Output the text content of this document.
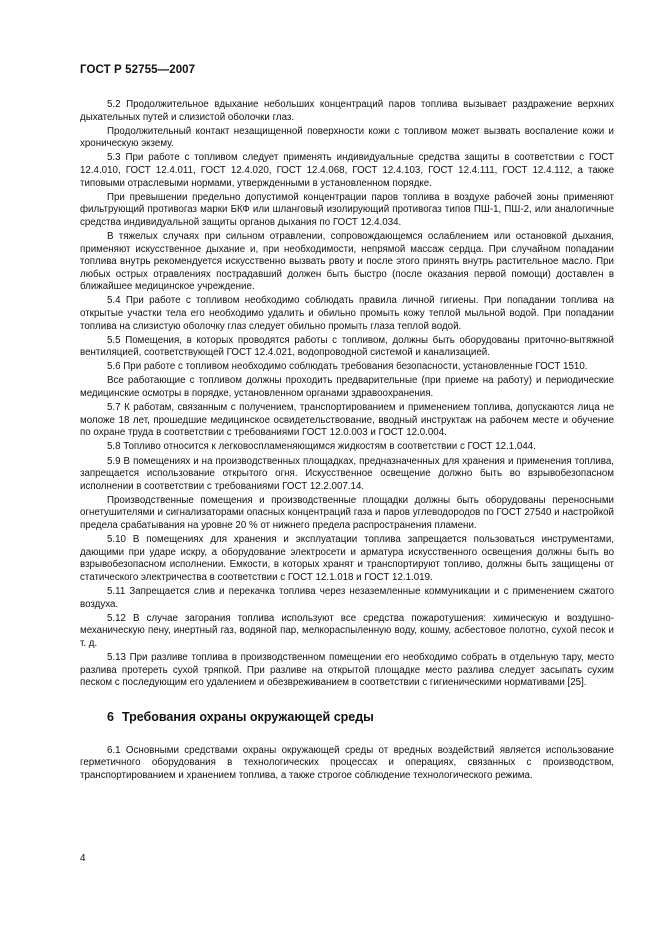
ГОСТ Р 52755—2007

5.2 Продолжительное вдыхание небольших концентраций паров топлива вызывает раздражение верхних дыхательных путей и слизистой оболочки глаз.

Продолжительный контакт незащищенной поверхности кожи с топливом может вызвать воспаление кожи и хроническую экзему.

5.3 При работе с топливом следует применять индивидуальные средства защиты в соответствии с ГОСТ 12.4.010, ГОСТ 12.4.011, ГОСТ 12.4.020, ГОСТ 12.4.068, ГОСТ 12.4.103, ГОСТ 12.4.111, ГОСТ 12.4.112, а также типовыми отраслевыми нормами, утвержденными в установленном порядке.

При превышении предельно допустимой концентрации паров топлива в воздухе рабочей зоны применяют фильтрующий противогаз марки БКФ или шланговый изолирующий противогаз типов ПШ-1, ПШ-2, или аналогичные средства индивидуальной защиты органов дыхания по ГОСТ 12.4.034.

В тяжелых случаях при сильном отравлении, сопровождающемся ослаблением или остановкой дыхания, применяют искусственное дыхание и, при необходимости, непрямой массаж сердца. При случайном попадании топлива внутрь рекомендуется искусственно вызвать рвоту и после этого принять внутрь растительное масло. При любых острых отравлениях пострадавший должен быть быстро (после оказания первой помощи) доставлен в ближайшее медицинское учреждение.

5.4 При работе с топливом необходимо соблюдать правила личной гигиены. При попадании топлива на открытые участки тела его необходимо удалить и обильно промыть кожу теплой мыльной водой. При попадании топлива на слизистую оболочку глаз следует обильно промыть глаза теплой водой.

5.5 Помещения, в которых проводятся работы с топливом, должны быть оборудованы приточно-вытяжной вентиляцией, соответствующей ГОСТ 12.4.021, водопроводной системой и канализацией.

5.6 При работе с топливом необходимо соблюдать требования безопасности, установленные ГОСТ 1510.

Все работающие с топливом должны проходить предварительные (при приеме на работу) и периодические медицинские осмотры в порядке, установленном органами здравоохранения.

5.7 К работам, связанным с получением, транспортированием и применением топлива, допускаются лица не моложе 18 лет, прошедшие медицинское освидетельствование, вводный инструктаж на рабочем месте и обучение по охране труда в соответствии с требованиями ГОСТ 12.0.003 и ГОСТ 12.0.004.

5.8 Топливо относится к легковоспламеняющимся жидкостям в соответствии с ГОСТ 12.1.044.

5.9 В помещениях и на производственных площадках, предназначенных для хранения и применения топлива, запрещается использование открытого огня. Искусственное освещение должно быть во взрывобезопасном исполнении в соответствии с требованиями ГОСТ 12.2.007.14.

Производственные помещения и производственные площадки должны быть оборудованы переносными огнетушителями и сигнализаторами опасных концентраций газа и паров углеводородов по ГОСТ 27540 и настройкой предела срабатывания на уровне 20 % от нижнего предела распространения пламени.

5.10 В помещениях для хранения и эксплуатации топлива запрещается пользоваться инструментами, дающими при ударе искру, а оборудование электросети и арматура искусственного освещения должны быть во взрывобезопасном исполнении. Емкости, в которых хранят и транспортируют топливо, должны быть защищены от статического электричества в соответствии с ГОСТ 12.1.018 и ГОСТ 12.1.019.

5.11 Запрещается слив и перекачка топлива через незаземленные коммуникации и с применением сжатого воздуха.

5.12 В случае загорания топлива используют все средства пожаротушения: химическую и воздушно-механическую пену, инертный газ, водяной пар, мелкораспыленную воду, кошму, асбестовое полотно, сухой песок и т. д.

5.13 При разливе топлива в производственном помещении его необходимо собрать в отдельную тару, место разлива протереть сухой тряпкой. При разливе на открытой площадке место разлива следует засыпать сухим песком с последующим его удалением и обезвреживанием в соответствии с гигиеническими нормативами [25].

6 Требования охраны окружающей среды

6.1 Основными средствами охраны окружающей среды от вредных воздействий является использование герметичного оборудования в технологических процессах и операциях, связанных с производством, транспортированием и хранением топлива, а также строгое соблюдение технологического режима.

4
